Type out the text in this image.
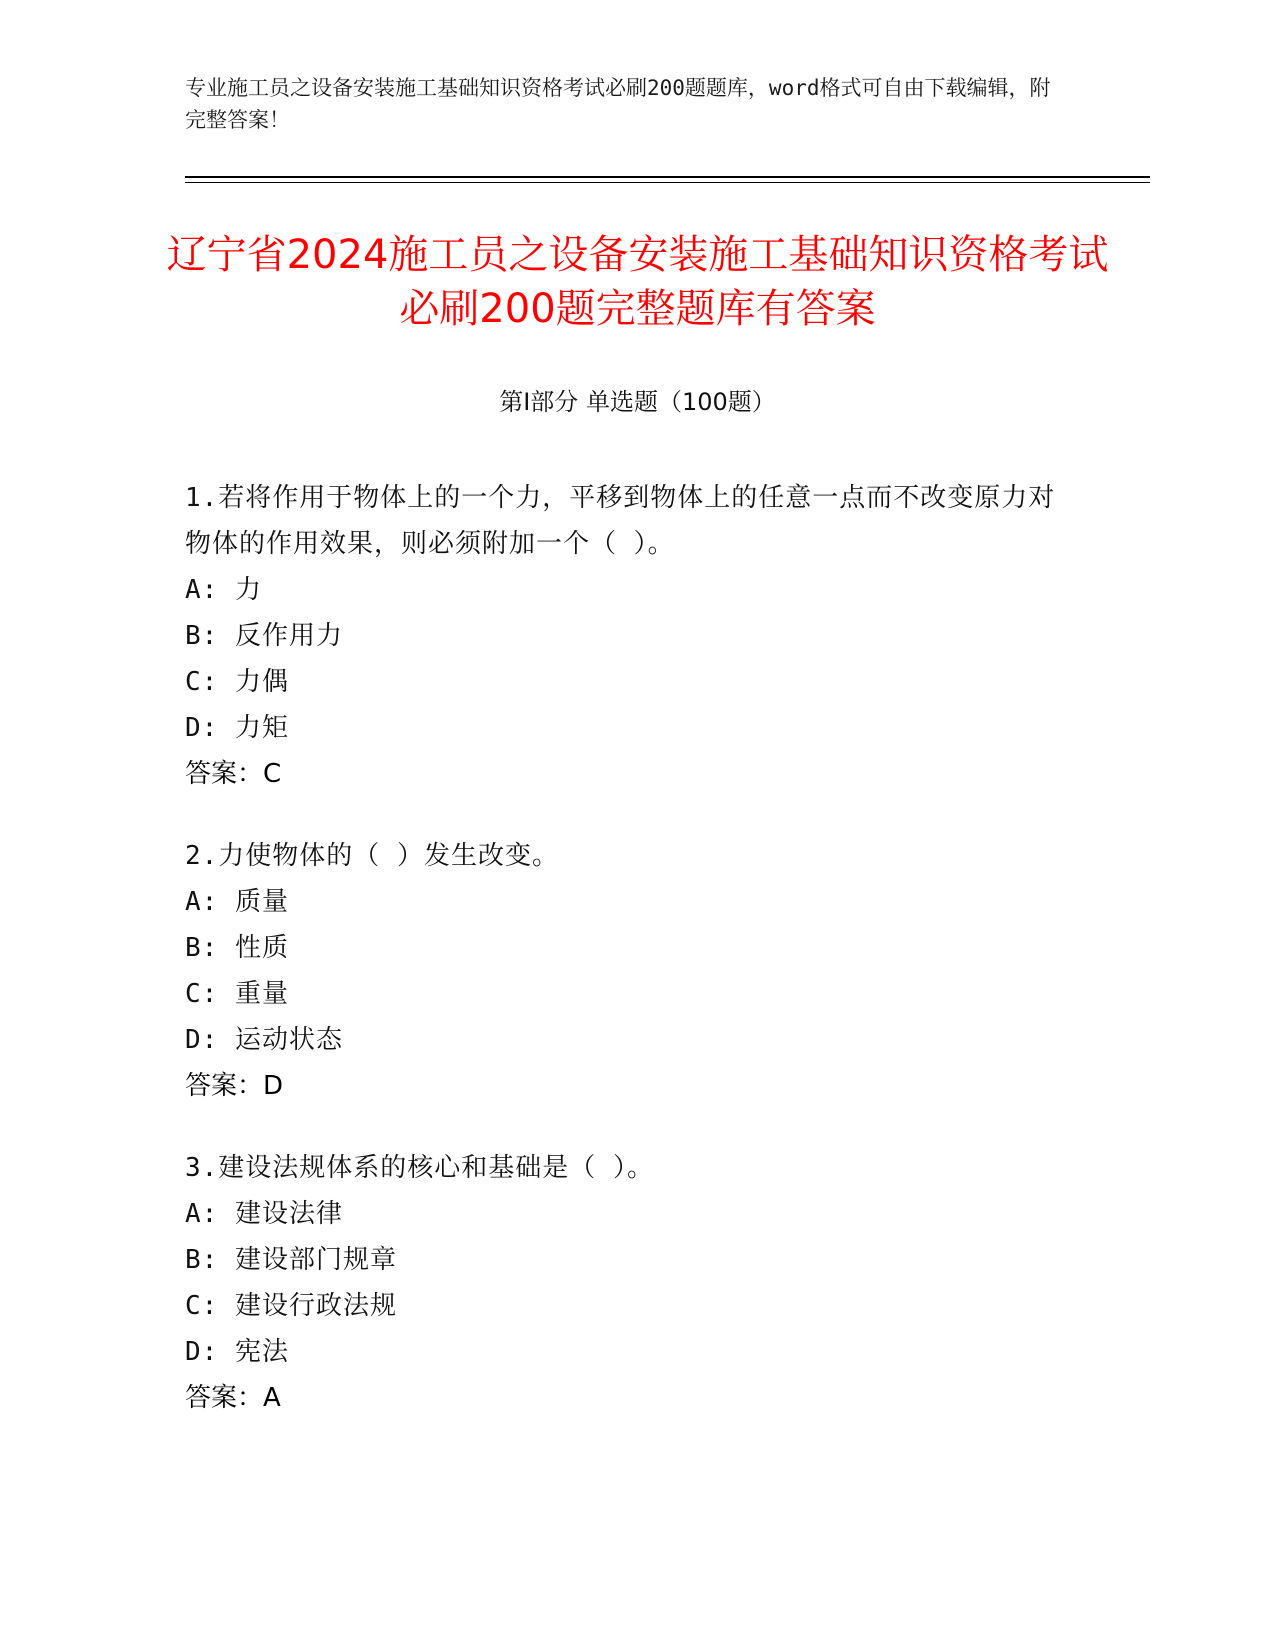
专业施工员之设备安装施工基础知识资格考试必刷200题题库，word格式可自由下载编辑，附完整答案！
辽宁省2024施工员之设备安装施工基础知识资格考试必刷200题完整题库有答案
第I部分 单选题（100题）
1.若将作用于物体上的一个力，平移到物体上的任意一点而不改变原力对物体的作用效果，则必须附加一个（ ）。
A: 力
B: 反作用力
C: 力偶
D: 力矩
答案：C
2.力使物体的（ ）发生改变。
A: 质量
B: 性质
C: 重量
D: 运动状态
答案：D
3.建设法规体系的核心和基础是（ ）。
A: 建设法律
B: 建设部门规章
C: 建设行政法规
D: 宪法
答案：A
